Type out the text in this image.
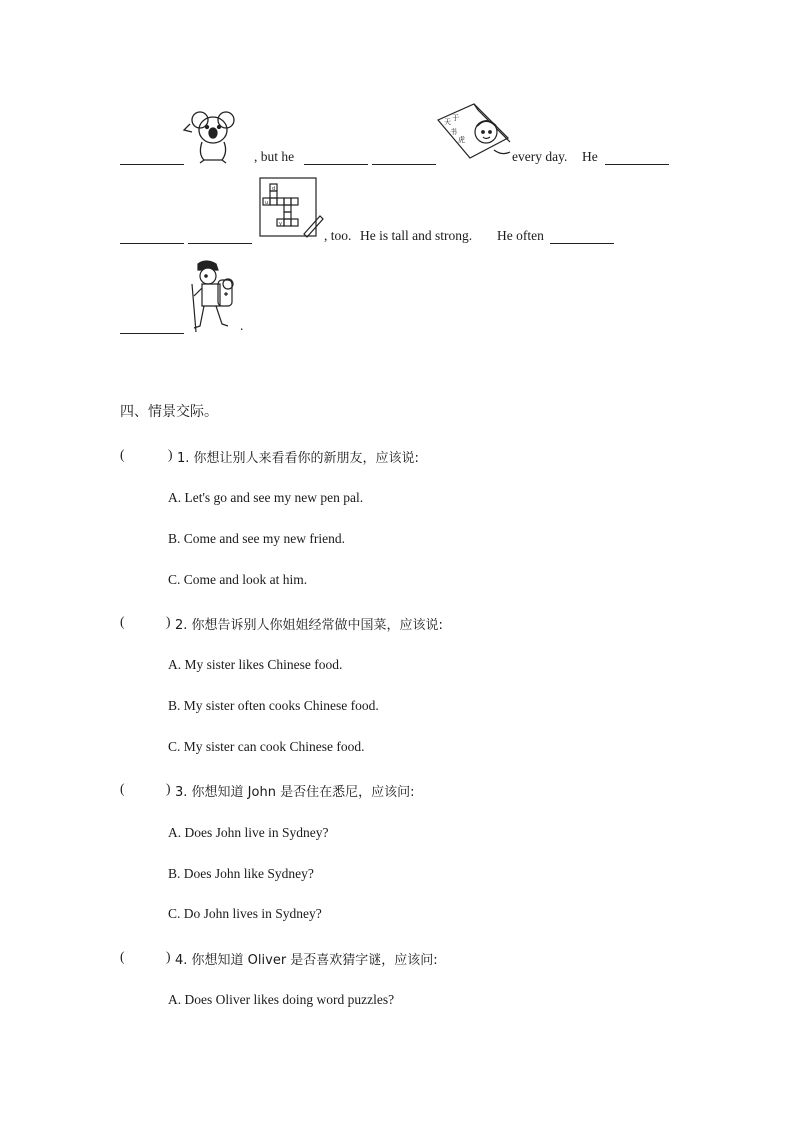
, but he
天 于
书
虎
every day. He
d
u
y
, too. He is tall and strong. He often
.
四、情景交际。
(	) 1. 你想让别人来看看你的新朋友，应该说:
A. Let's go and see my new pen pal.
B. Come and see my new friend.
C. Come and look at him.
(	) 2. 你想告诉别人你姐姐经常做中国菜，应该说:
A. My sister likes Chinese food.
B. My sister often cooks Chinese food.
C. My sister can cook Chinese food.
(	) 3. 你想知道 John 是否住在悉尼，应该问:
A. Does John live in Sydney?
B. Does John like Sydney?
C. Do John lives in Sydney?
(	) 4. 你想知道 Oliver 是否喜欢猜字谜，应该问:
A. Does Oliver likes doing word puzzles?
